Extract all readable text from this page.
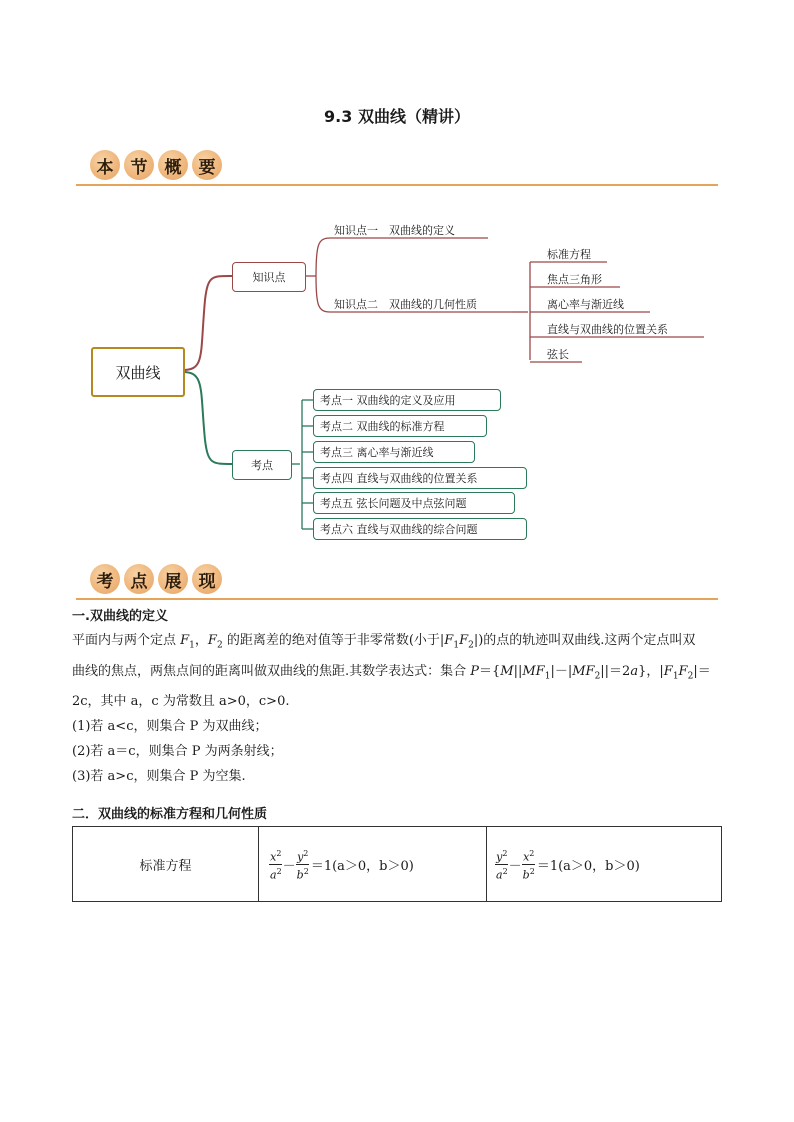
9.3 双曲线（精讲）
本	节	概	要
双曲线
知识点
知识点一　双曲线的定义
知识点二　双曲线的几何性质
标准方程
焦点三角形
离心率与渐近线
直线与双曲线的位置关系
弦长
考点
考点一 双曲线的定义及应用
考点二 双曲线的标准方程
考点三 离心率与渐近线
考点四 直线与双曲线的位置关系
考点五 弦长问题及中点弦问题
考点六 直线与双曲线的综合问题
考	点	展	现
一.双曲线的定义
平面内与两个定点 $F_1$，$F_2$ 的距离差的绝对值等于非零常数(小于$|F_1F_2|$)的点的轨迹叫双曲线.这两个定点叫双
曲线的焦点，两焦点间的距离叫做双曲线的焦距.其数学表达式：集合 $P=\{M||MF_1|-|MF_2||=2a\}$，$|F_1F_2|=$
2c，其中 a，c 为常数且 a>0，c>0.
(1)若 a<c，则集合 P 为双曲线；
(2)若 a＝c，则集合 P 为两条射线；
(3)若 a>c，则集合 P 为空集.
二．双曲线的标准方程和几何性质
标准方程	$\frac{x^2}{a^2} - \frac{y^2}{b^2} =1(a>0$，b＞0)	$\frac{y^2}{a^2} - \frac{x^2}{b^2} =1(a>0$，b＞0)
